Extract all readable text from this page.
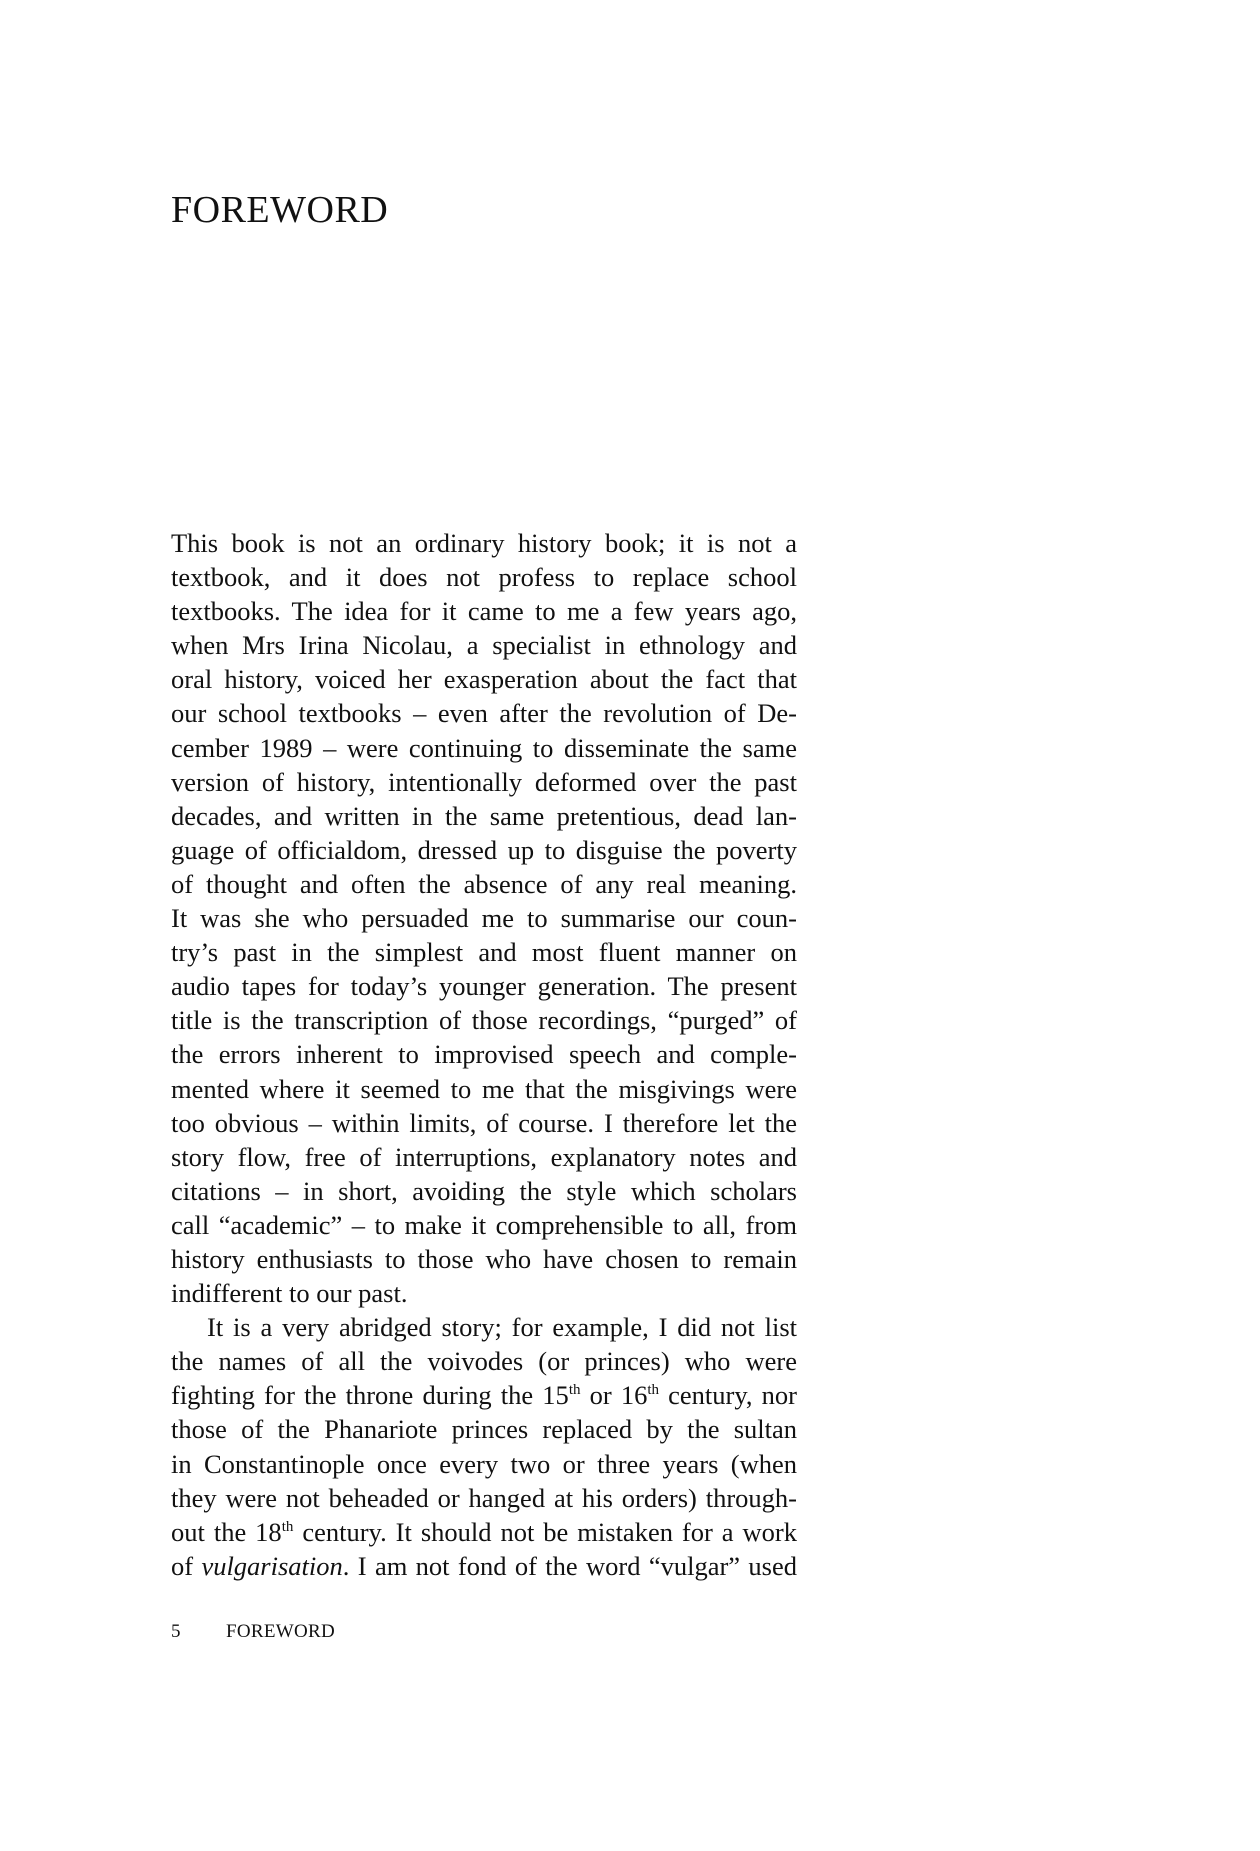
FOREWORD
This book is not an ordinary history book; it is not a
textbook, and it does not profess to replace school
textbooks. The idea for it came to me a few years ago,
when Mrs Irina Nicolau, a specialist in ethnology and
oral history, voiced her exasperation about the fact that
our school textbooks – even after the revolution of De-
cember 1989 – were continuing to disseminate the same
version of history, intentionally deformed over the past
decades, and written in the same pretentious, dead lan-
guage of officialdom, dressed up to disguise the poverty
of thought and often the absence of any real meaning.
It was she who persuaded me to summarise our coun-
try’s past in the simplest and most fluent manner on
audio tapes for today’s younger generation. The present
title is the transcription of those recordings, “purged” of
the errors inherent to improvised speech and comple-
mented where it seemed to me that the misgivings were
too obvious – within limits, of course. I therefore let the
story flow, free of interruptions, explanatory notes and
citations – in short, avoiding the style which scholars
call “academic” – to make it comprehensible to all, from
history enthusiasts to those who have chosen to remain
indifferent to our past.
It is a very abridged story; for example, I did not list
the names of all the voivodes (or princes) who were
fighting for the throne during the 15th or 16th century, nor
those of the Phanariote princes replaced by the sultan
in Constantinople once every two or three years (when
they were not beheaded or hanged at his orders) through-
out the 18th century. It should not be mistaken for a work
of vulgarisation. I am not fond of the word “vulgar” used
5 FOREWORD
